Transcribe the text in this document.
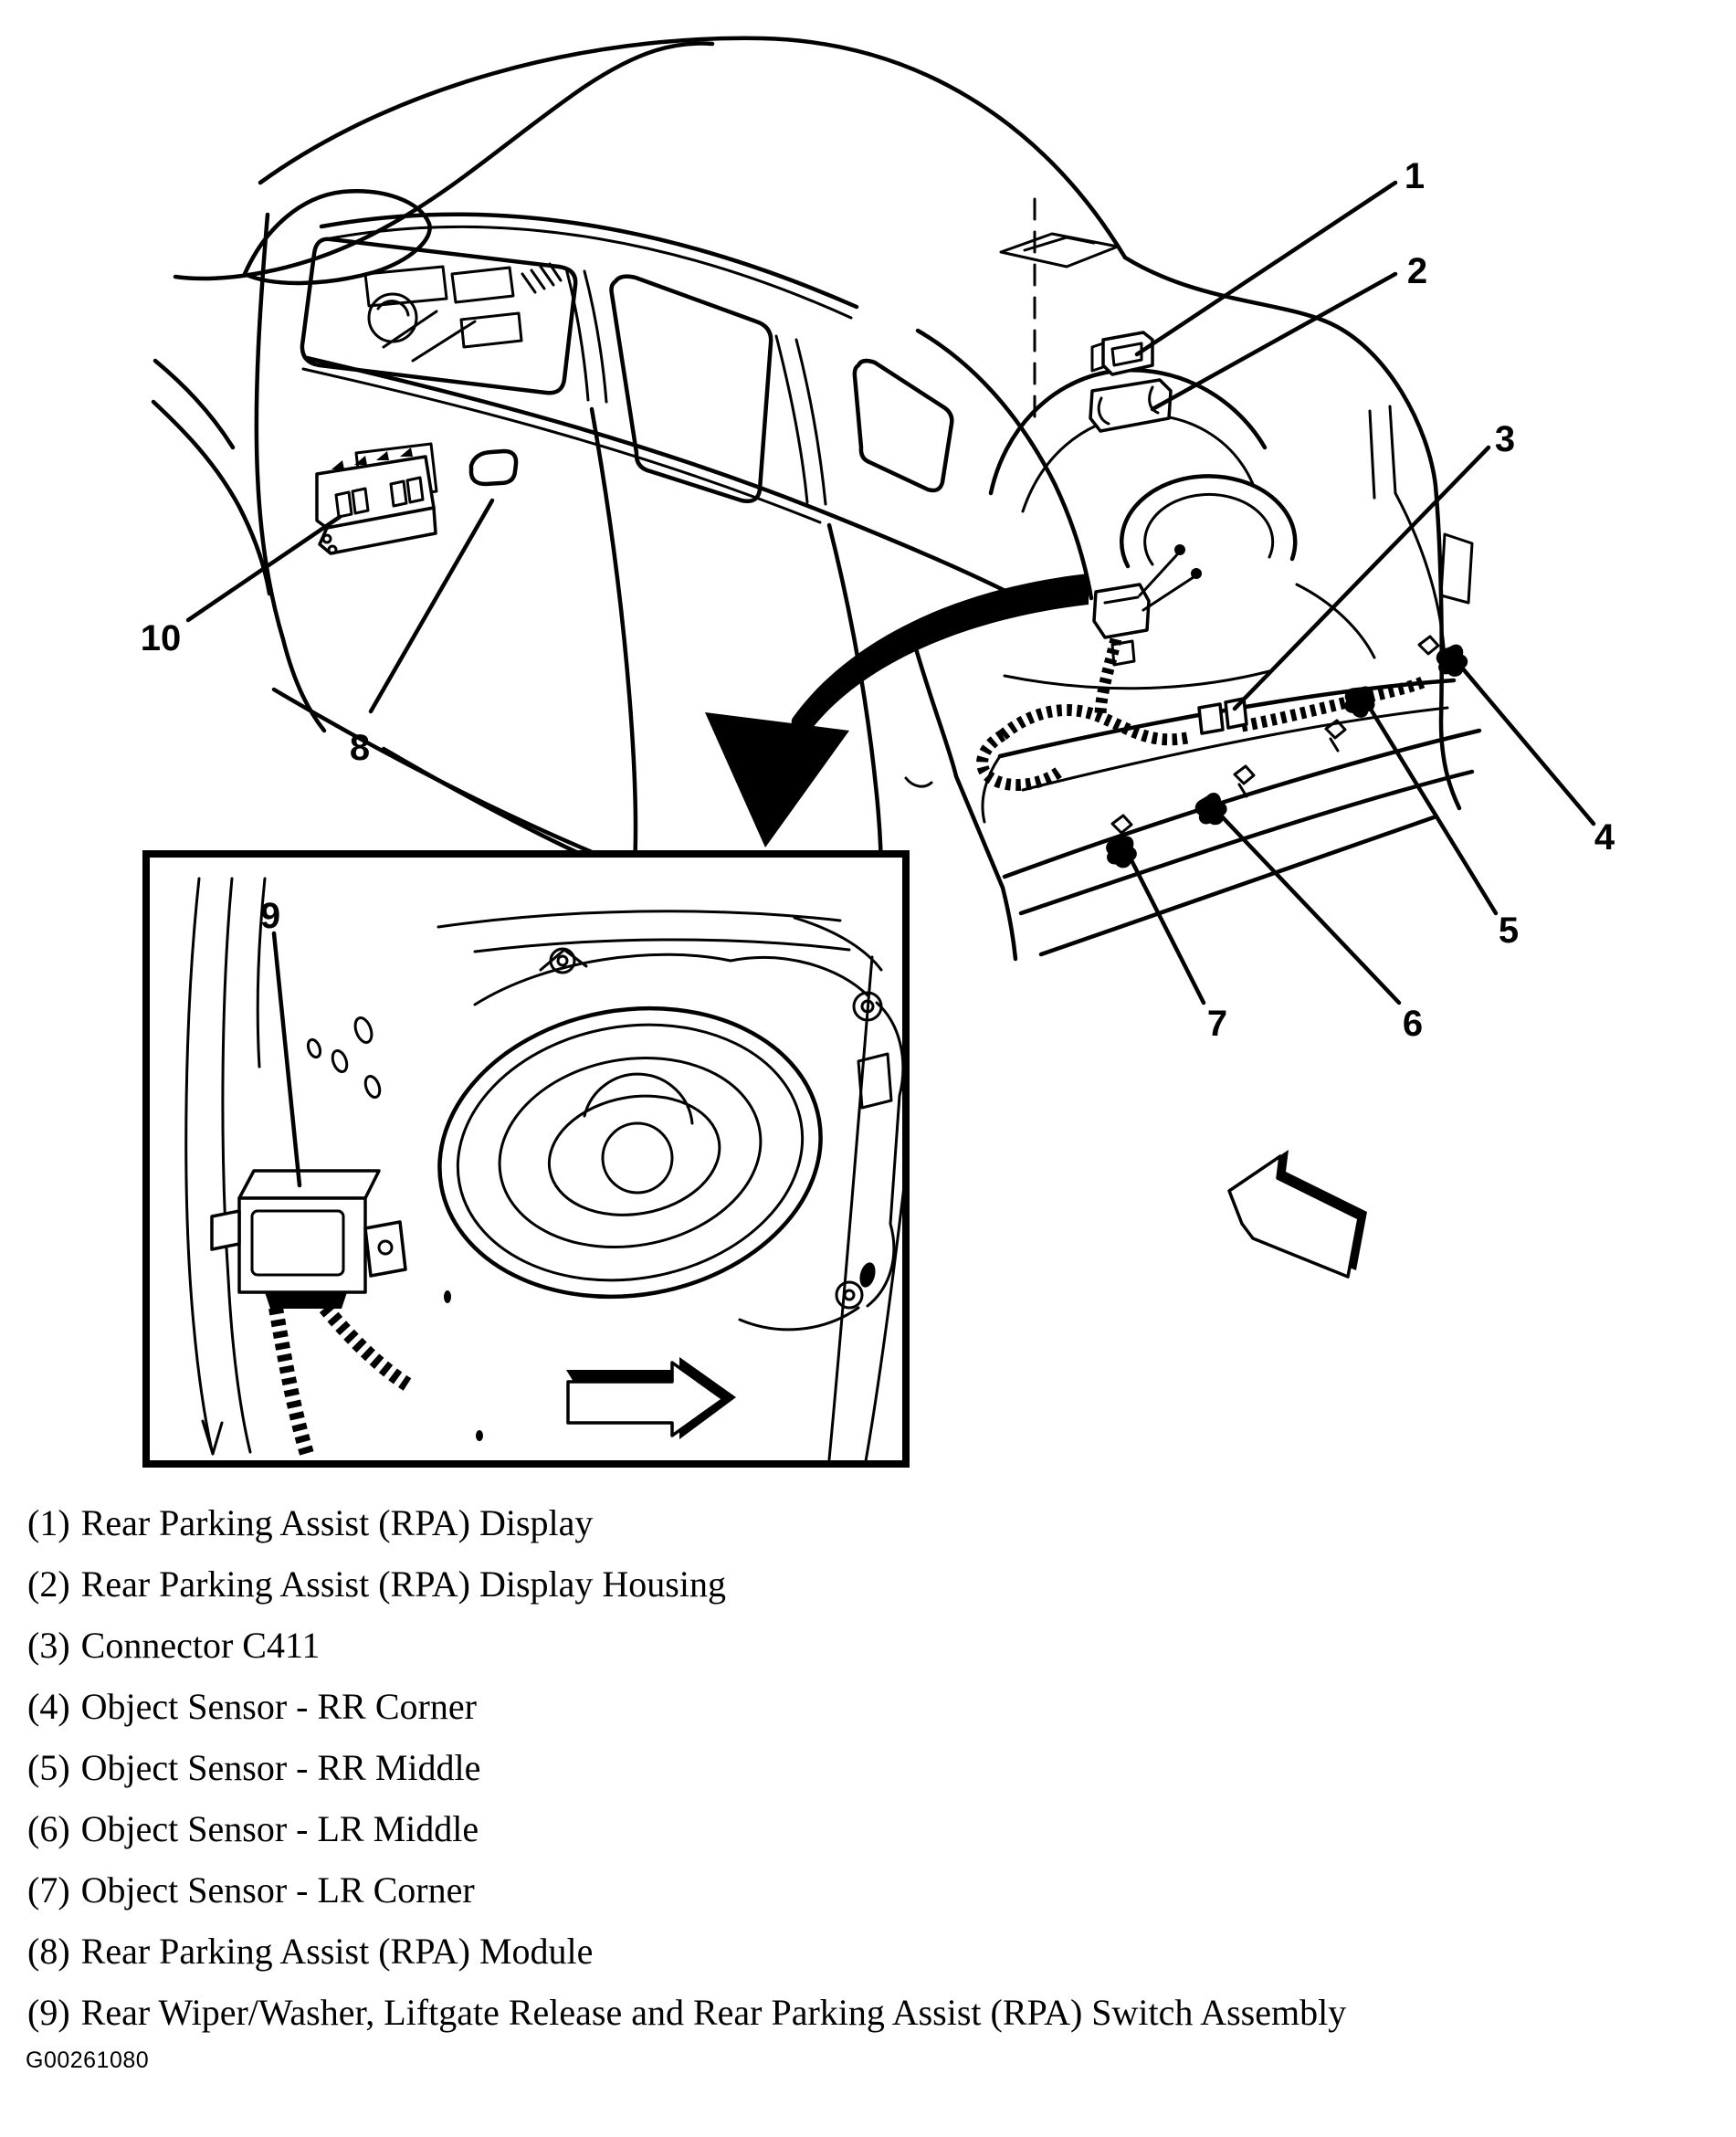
1
2
3
4
5
6
7
8
9
10
(1) Rear Parking Assist (RPA) Display
(2) Rear Parking Assist (RPA) Display Housing
(3) Connector C411
(4) Object Sensor - RR Corner
(5) Object Sensor - RR Middle
(6) Object Sensor - LR Middle
(7) Object Sensor - LR Corner
(8) Rear Parking Assist (RPA) Module
(9) Rear Wiper/Washer, Liftgate Release and Rear Parking Assist (RPA) Switch Assembly
G00261080
